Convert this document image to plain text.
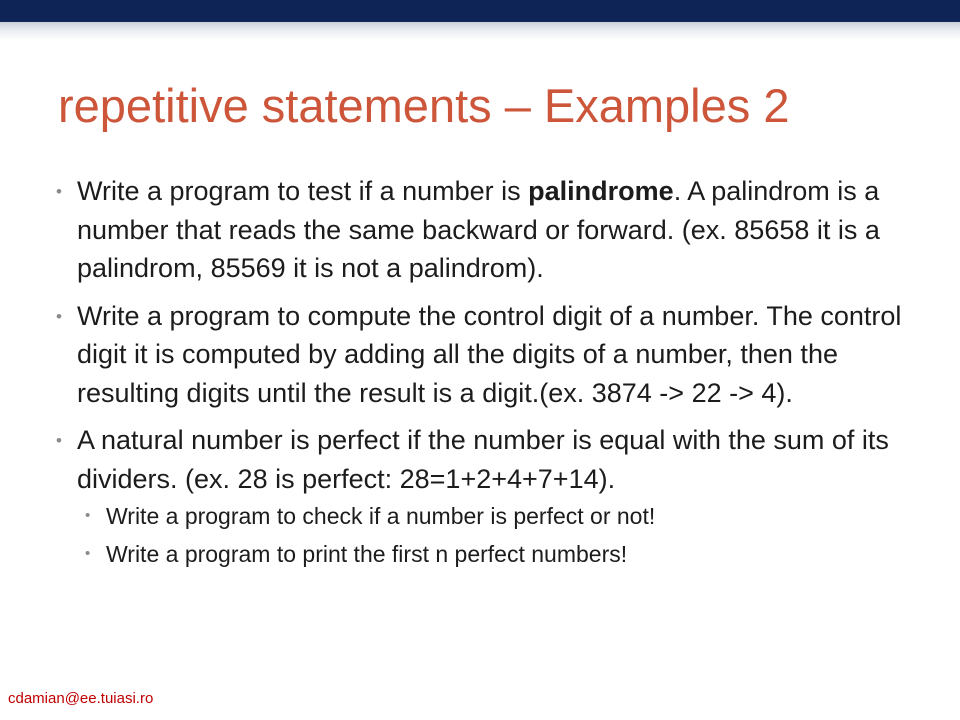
repetitive statements – Examples 2
• Write a program to test if a number is palindrome. A palindrom is a number that reads the same backward or forward. (ex. 85658 it is a palindrom, 85569 it is not a palindrom).
• Write a program to compute the control digit of a number. The control digit it is computed by adding all the digits of a number, then the resulting digits until the result is a digit.(ex. 3874 -> 22 -> 4).
• A natural number is perfect if the number is equal with the sum of its dividers. (ex. 28 is perfect: 28=1+2+4+7+14).
• Write a program to check if a number is perfect or not!
• Write a program to print the first n perfect numbers!
cdamian@ee.tuiasi.ro
